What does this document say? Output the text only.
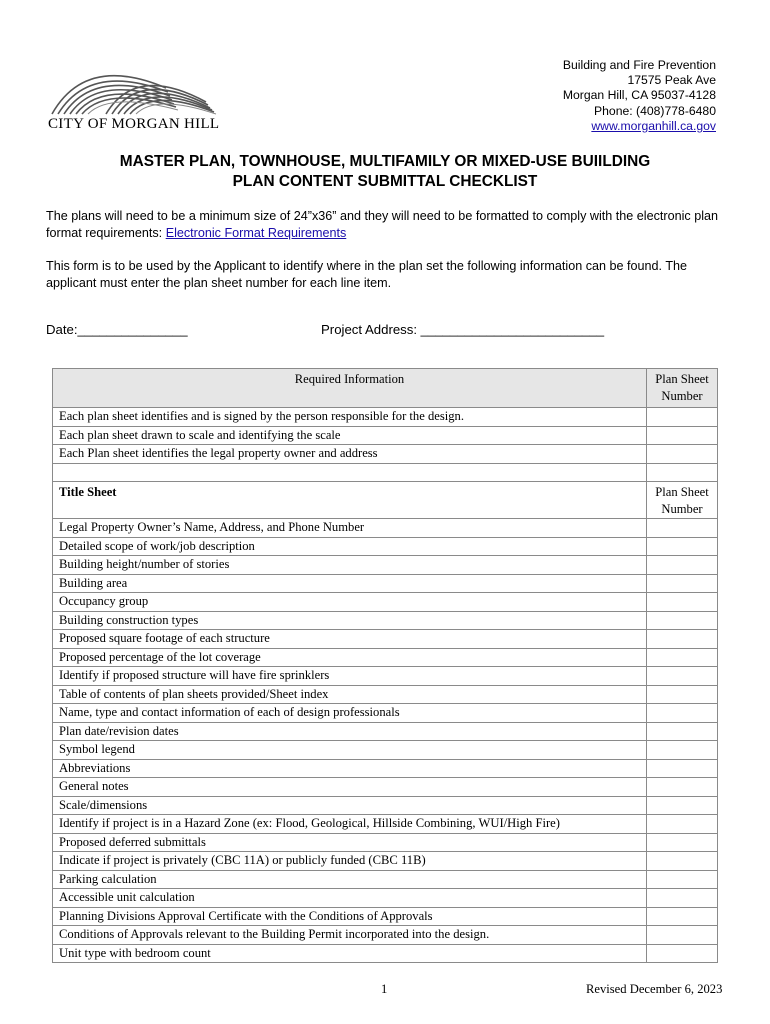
CITY OF MORGAN HILL
Building and Fire Prevention
17575 Peak Ave
Morgan Hill, CA 95037-4128
Phone: (408)778-6480
www.morganhill.ca.gov
MASTER PLAN, TOWNHOUSE, MULTIFAMILY OR MIXED-USE BUIILDING
PLAN CONTENT SUBMITTAL CHECKLIST
The plans will need to be a minimum size of 24”x36” and they will need to be formatted to comply with the electronic plan format requirements: Electronic Format Requirements
This form is to be used by the Applicant to identify where in the plan set the following information can be found. The applicant must enter the plan sheet number for each line item.
Date:_______________	Project Address: _________________________
Required Information	Plan Sheet Number
Each plan sheet identifies and is signed by the person responsible for the design.	
Each plan sheet drawn to scale and identifying the scale	
Each Plan sheet identifies the legal property owner and address	

Title Sheet	Plan Sheet Number
Legal Property Owner’s Name, Address, and Phone Number	
Detailed scope of work/job description	
Building height/number of stories	
Building area	
Occupancy group	
Building construction types	
Proposed square footage of each structure	
Proposed percentage of the lot coverage	
Identify if proposed structure will have fire sprinklers	
Table of contents of plan sheets provided/Sheet index	
Name, type and contact information of each of design professionals	
Plan date/revision dates	
Symbol legend	
Abbreviations	
General notes	
Scale/dimensions	
Identify if project is in a Hazard Zone (ex: Flood, Geological, Hillside Combining, WUI/High Fire)	
Proposed deferred submittals	
Indicate if project is privately (CBC 11A) or publicly funded (CBC 11B)	
Parking calculation	
Accessible unit calculation	
Planning Divisions Approval Certificate with the Conditions of Approvals	
Conditions of Approvals relevant to the Building Permit incorporated into the design.	
Unit type with bedroom count	
1	Revised December 6, 2023
